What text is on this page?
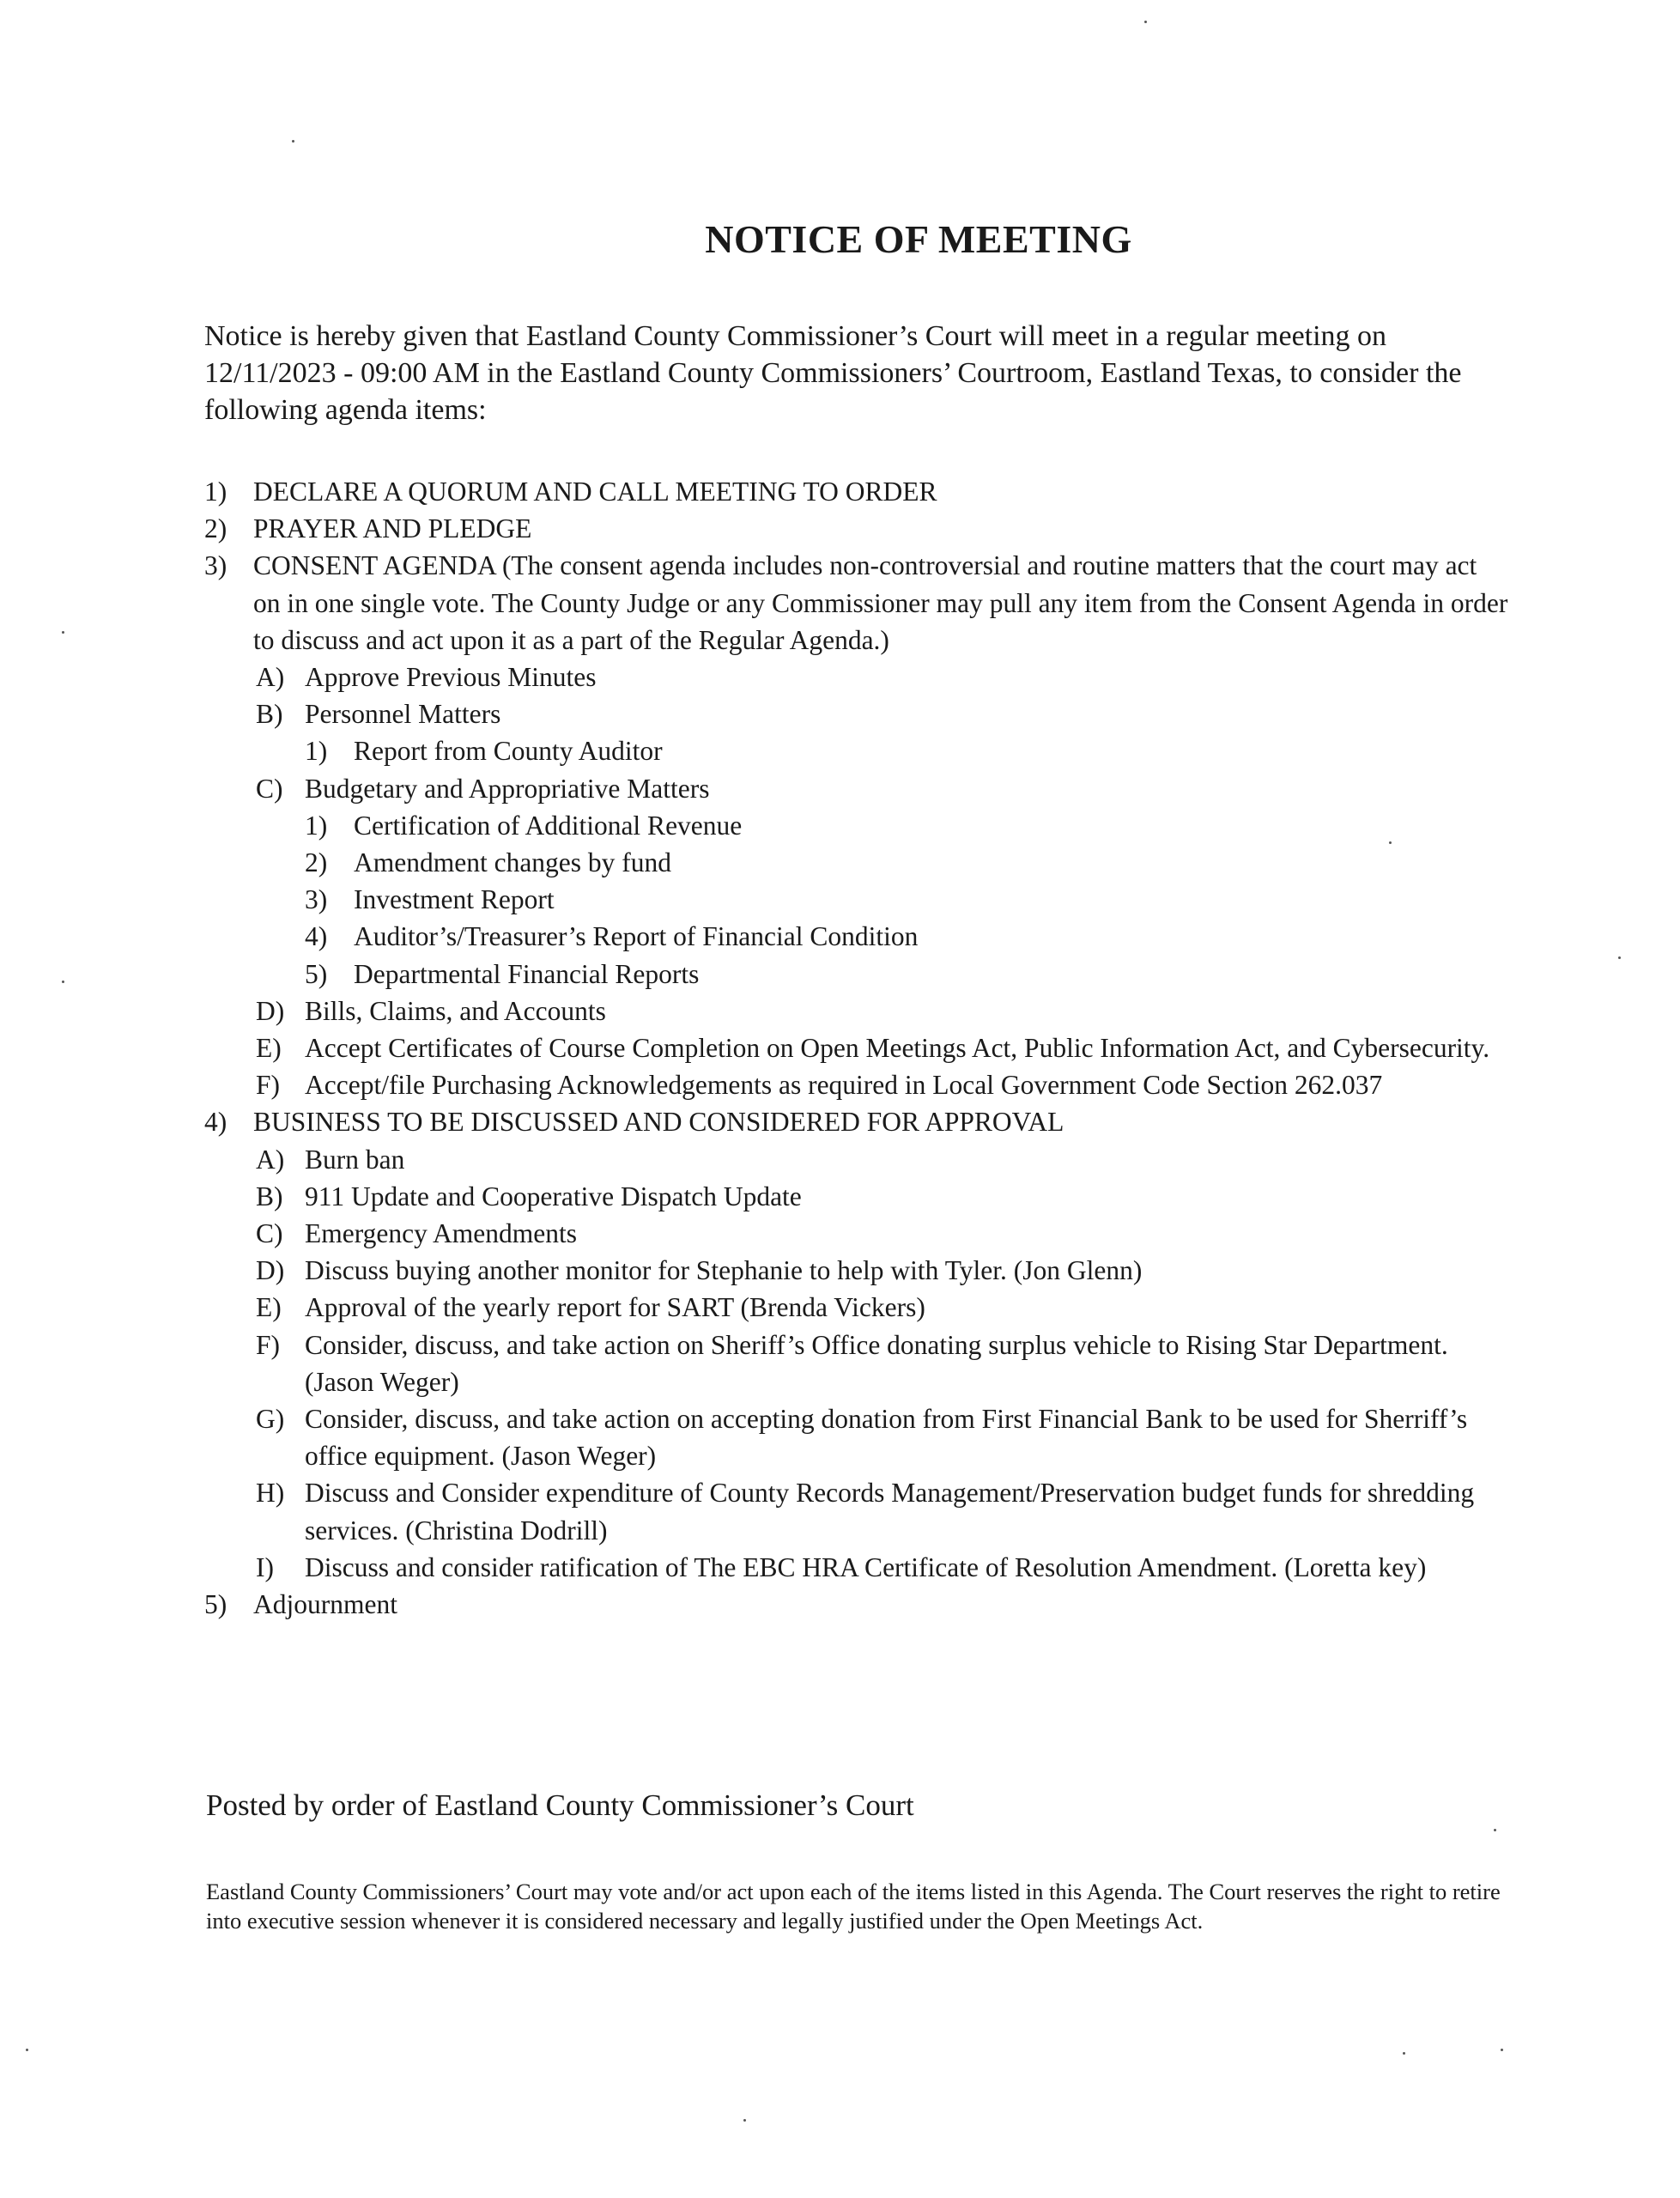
NOTICE OF MEETING

Notice is hereby given that Eastland County Commissioner’s Court will meet in a regular meeting on 12/11/2023 - 09:00 AM in the Eastland County Commissioners’ Courtroom, Eastland Texas, to consider the following agenda items:

1) DECLARE A QUORUM AND CALL MEETING TO ORDER
2) PRAYER AND PLEDGE
3) CONSENT AGENDA (The consent agenda includes non-controversial and routine matters that the court may act on in one single vote. The County Judge or any Commissioner may pull any item from the Consent Agenda in order to discuss and act upon it as a part of the Regular Agenda.)
A) Approve Previous Minutes
B) Personnel Matters
1) Report from County Auditor
C) Budgetary and Appropriative Matters
1) Certification of Additional Revenue
2) Amendment changes by fund
3) Investment Report
4) Auditor’s/Treasurer’s Report of Financial Condition
5) Departmental Financial Reports
D) Bills, Claims, and Accounts
E) Accept Certificates of Course Completion on Open Meetings Act, Public Information Act, and Cybersecurity.
F) Accept/file Purchasing Acknowledgements as required in Local Government Code Section 262.037
4) BUSINESS TO BE DISCUSSED AND CONSIDERED FOR APPROVAL
A) Burn ban
B) 911 Update and Cooperative Dispatch Update
C) Emergency Amendments
D) Discuss buying another monitor for Stephanie to help with Tyler. (Jon Glenn)
E) Approval of the yearly report for SART (Brenda Vickers)
F) Consider, discuss, and take action on Sheriff’s Office donating surplus vehicle to Rising Star Department. (Jason Weger)
G) Consider, discuss, and take action on accepting donation from First Financial Bank to be used for Sherriff’s office equipment. (Jason Weger)
H) Discuss and Consider expenditure of County Records Management/Preservation budget funds for shredding services. (Christina Dodrill)
I) Discuss and consider ratification of The EBC HRA Certificate of Resolution Amendment. (Loretta key)
5) Adjournment
Posted by order of Eastland County Commissioner’s Court
Eastland County Commissioners’ Court may vote and/or act upon each of the items listed in this Agenda. The Court reserves the right to retire into executive session whenever it is considered necessary and legally justified under the Open Meetings Act.
